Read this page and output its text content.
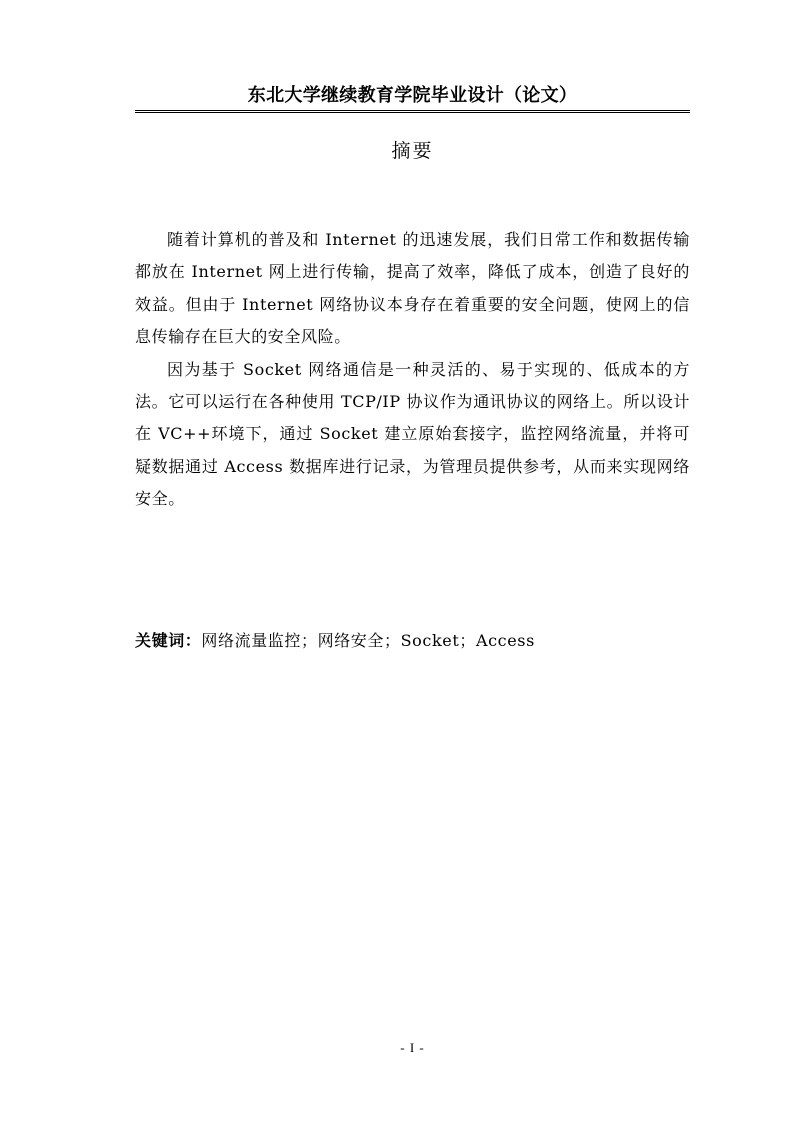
东北大学继续教育学院毕业设计（论文）
摘要

随着计算机的普及和 Internet 的迅速发展，我们日常工作和数据传输都放在 Internet 网上进行传输，提高了效率，降低了成本，创造了良好的效益。但由于 Internet 网络协议本身存在着重要的安全问题，使网上的信息传输存在巨大的安全风险。

因为基于 Socket 网络通信是一种灵活的、易于实现的、低成本的方法。它可以运行在各种使用 TCP/IP 协议作为通讯协议的网络上。所以设计在 VC++环境下，通过 Socket 建立原始套接字，监控网络流量，并将可疑数据通过 Access 数据库进行记录，为管理员提供参考，从而来实现网络安全。

关键词：网络流量监控；网络安全；Socket；Access
- I -
